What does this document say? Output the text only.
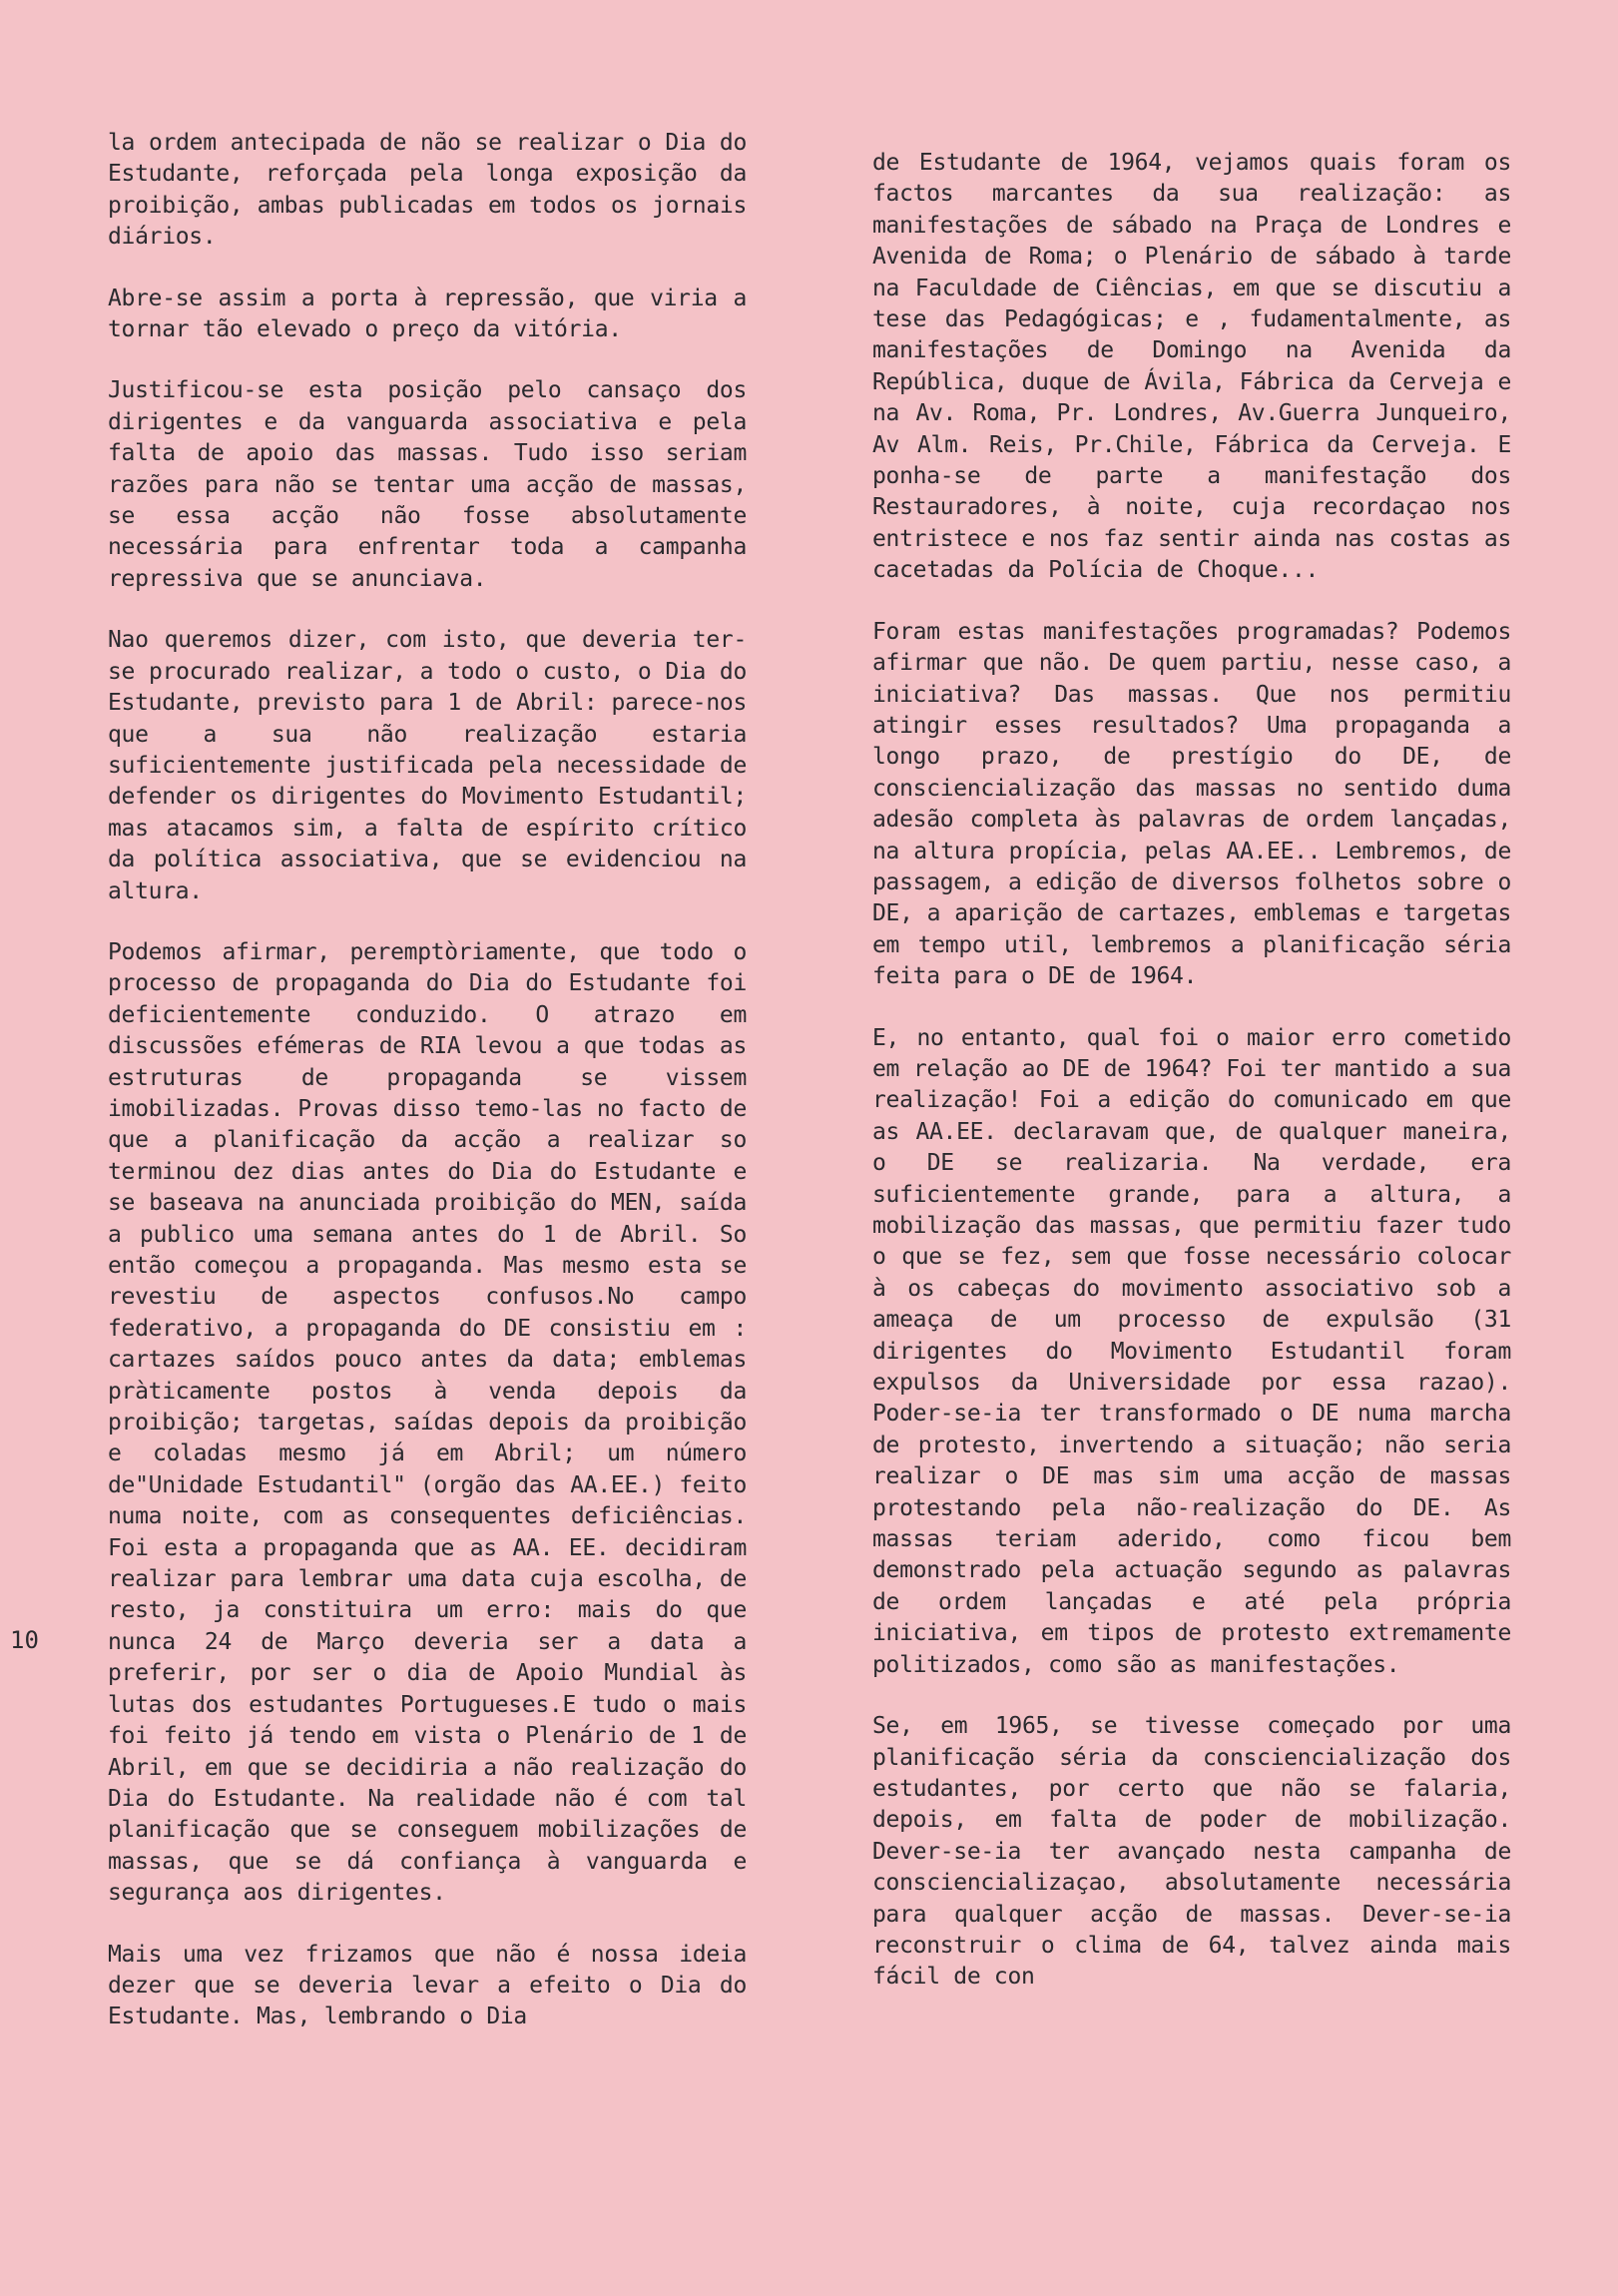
10

la ordem antecipada de não se realizar o Dia do Estudante, reforçada pela longa exposição da proibição, ambas publicadas em todos os jornais diários.

Abre-se assim a porta à repressão, que viria a tornar tão elevado o preço da vitória.

Justificou-se esta posição pelo cansaço dos dirigentes e da vanguarda associativa e pela falta de apoio das massas. Tudo isso seriam razões para não se tentar uma acção de massas, se essa acção não fosse absolutamente necessária para enfrentar toda a campanha repressiva que se anunciava.

Nao queremos dizer, com isto, que deveria ter-se procurado realizar, a todo o custo, o Dia do Estudante, previsto para 1 de Abril: parece-nos que a sua não realização estaria suficientemente justificada pela necessidade de defender os dirigentes do Movimento Estudantil; mas atacamos sim, a falta de espírito crítico da política associativa, que se evidenciou na altura.

Podemos afirmar, peremptòriamente, que todo o processo de propaganda do Dia do Estudante foi deficientemente conduzido. O atrazo em discussões efémeras de RIA levou a que todas as estruturas de propaganda se vissem imobilizadas. Provas disso temo-las no facto de que a planificação da acção a realizar so terminou dez dias antes do Dia do Estudante e se baseava na anunciada proibição do MEN, saída a publico uma semana antes do 1 de Abril. So então começou a propaganda. Mas mesmo esta se revestiu de aspectos confusos.No campo federativo, a propaganda do DE consistiu em : cartazes saídos pouco antes da data; emblemas pràticamente postos à venda depois da proibição; targetas, saídas depois da proibição e coladas mesmo já em Abril; um número de"Unidade Estudantil" (orgão das AA.EE.) feito numa noite, com as consequentes deficiências. Foi esta a propaganda que as AA. EE. decidiram realizar para lembrar uma data cuja escolha, de resto, ja constituira um erro: mais do que nunca 24 de Março deveria ser a data a preferir, por ser o dia de Apoio Mundial às lutas dos estudantes Portugueses.E tudo o mais foi feito já tendo em vista o Plenário de 1 de Abril, em que se decidiria a não realização do Dia do Estudante. Na realidade não é com tal planificação que se conseguem mobilizações de massas, que se dá confiança à vanguarda e segurança aos dirigentes.

Mais uma vez frizamos que não é nossa ideia dezer que se deveria levar a efeito o Dia do Estudante. Mas, lembrando o Dia

de Estudante de 1964, vejamos quais foram os factos marcantes da sua realização: as manifestações de sábado na Praça de Londres e Avenida de Roma; o Plenário de sábado à tarde na Faculdade de Ciências, em que se discutiu a tese das Pedagógicas; e , fudamentalmente, as manifestações de Domingo na Avenida da República, duque de Ávila, Fábrica da Cerveja e na Av. Roma, Pr. Londres, Av.Guerra Junqueiro, Av Alm. Reis, Pr.Chile, Fábrica da Cerveja. E ponha-se de parte a manifestação dos Restauradores, à noite, cuja recordaçao nos entristece e nos faz sentir ainda nas costas as cacetadas da Polícia de Choque...

Foram estas manifestações programadas? Podemos afirmar que não. De quem partiu, nesse caso, a iniciativa? Das massas. Que nos permitiu atingir esses resultados? Uma propaganda a longo prazo, de prestígio do DE, de consciencialização das massas no sentido duma adesão completa às palavras de ordem lançadas, na altura propícia, pelas AA.EE.. Lembremos, de passagem, a edição de diversos folhetos sobre o DE, a aparição de cartazes, emblemas e targetas em tempo util, lembremos a planificação séria feita para o DE de 1964.

E, no entanto, qual foi o maior erro cometido em relação ao DE de 1964? Foi ter mantido a sua realização! Foi a edição do comunicado em que as AA.EE. declaravam que, de qualquer maneira, o DE se realizaria. Na verdade, era suficientemente grande, para a altura, a mobilização das massas, que permitiu fazer tudo o que se fez, sem que fosse necessário colocar à os cabeças do movimento associativo sob a ameaça de um processo de expulsão (31 dirigentes do Movimento Estudantil foram expulsos da Universidade por essa razao). Poder-se-ia ter transformado o DE numa marcha de protesto, invertendo a situação; não seria realizar o DE mas sim uma acção de massas protestando pela não-realização do DE. As massas teriam aderido, como ficou bem demonstrado pela actuação segundo as palavras de ordem lançadas e até pela própria iniciativa, em tipos de protesto extremamente politizados, como são as manifestações.

Se, em 1965, se tivesse começado por uma planificação séria da consciencialização dos estudantes, por certo que não se falaria, depois, em falta de poder de mobilização. Dever-se-ia ter avançado nesta campanha de consciencializaçao, absolutamente necessária para qualquer acção de massas. Dever-se-ia reconstruir o clima de 64, talvez ainda mais fácil de con
